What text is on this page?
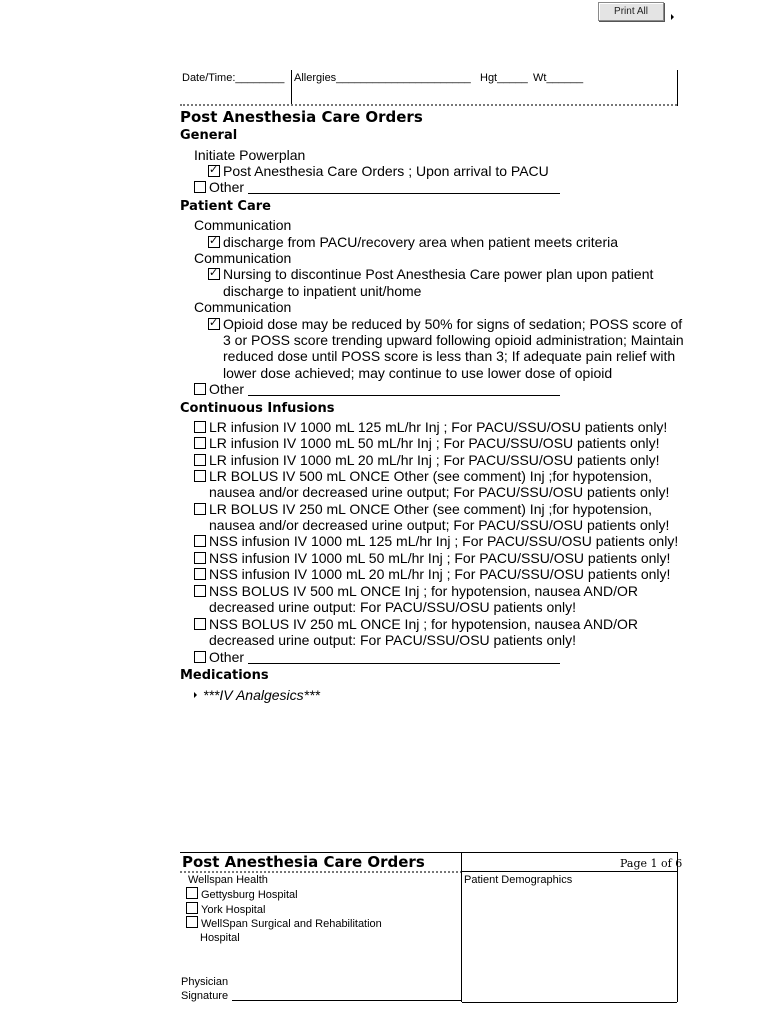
Print All
Date/Time:________ Allergies______________________ Hgt_____ Wt______
Post Anesthesia Care Orders
General
Initiate Powerplan
✓Post Anesthesia Care Orders ; Upon arrival to PACU
Other
Patient Care
Communication
✓discharge from PACU/recovery area when patient meets criteria
Communication
✓Nursing to discontinue Post Anesthesia Care power plan upon patient
discharge to inpatient unit/home
Communication
✓Opioid dose may be reduced by 50% for signs of sedation; POSS score of
3 or POSS score trending upward following opioid administration; Maintain
reduced dose until POSS score is less than 3; If adequate pain relief with
lower dose achieved; may continue to use lower dose of opioid
Other
Continuous Infusions
LR infusion IV 1000 mL 125 mL/hr Inj ; For PACU/SSU/OSU patients only!
LR infusion IV 1000 mL 50 mL/hr Inj ; For PACU/SSU/OSU patients only!
LR infusion IV 1000 mL 20 mL/hr Inj ; For PACU/SSU/OSU patients only!
LR BOLUS IV 500 mL ONCE Other (see comment) Inj ;for hypotension,
nausea and/or decreased urine output; For PACU/SSU/OSU patients only!
LR BOLUS IV 250 mL ONCE Other (see comment) Inj ;for hypotension,
nausea and/or decreased urine output; For PACU/SSU/OSU patients only!
NSS infusion IV 1000 mL 125 mL/hr Inj ; For PACU/SSU/OSU patients only!
NSS infusion IV 1000 mL 50 mL/hr Inj ; For PACU/SSU/OSU patients only!
NSS infusion IV 1000 mL 20 mL/hr Inj ; For PACU/SSU/OSU patients only!
NSS BOLUS IV 500 mL ONCE Inj ; for hypotension, nausea AND/OR
decreased urine output: For PACU/SSU/OSU patients only!
NSS BOLUS IV 250 mL ONCE Inj ; for hypotension, nausea AND/OR
decreased urine output: For PACU/SSU/OSU patients only!
Other
Medications
***IV Analgesics***
Post Anesthesia Care Orders	Page 1 of 6
Wellspan Health
Gettysburg Hospital
York Hospital
WellSpan Surgical and Rehabilitation
Hospital
Patient Demographics
Physician
Signature
